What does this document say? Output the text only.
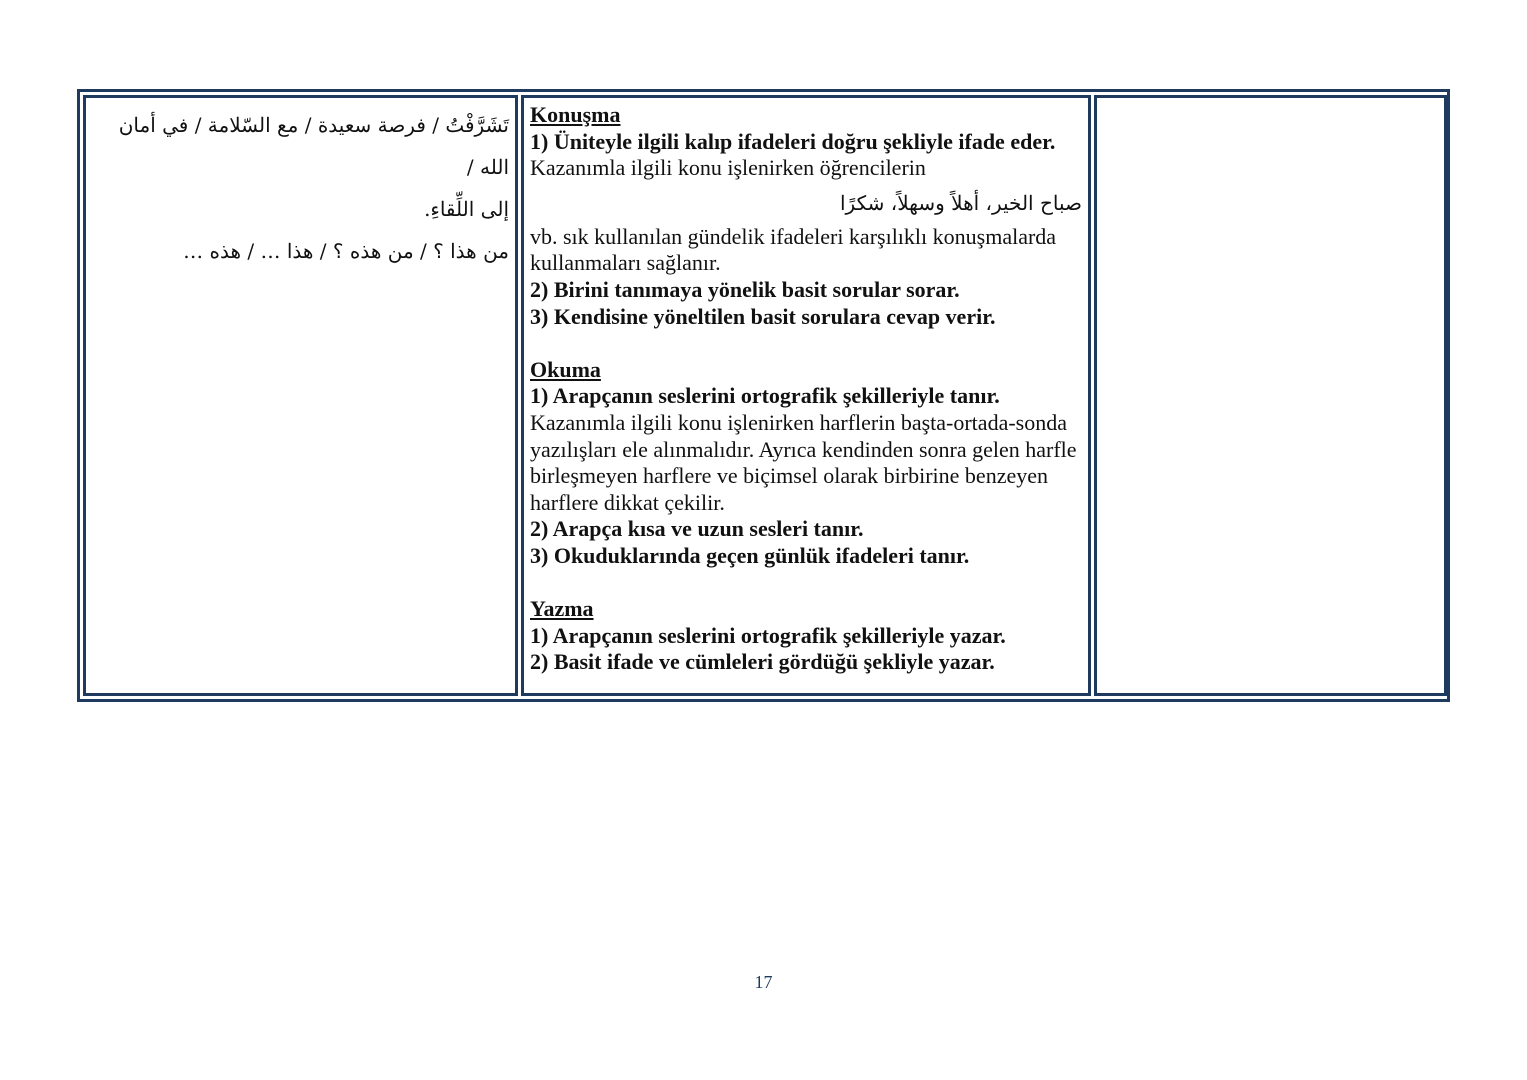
تَشَرَّفْتُ / فرصة سعيدة / مع السّلامة / في أمان الله /

إلى اللِّقاءِ.

من هذا ؟ / من هذه ؟ / هذا … / هذه …

Konuşma

1) Üniteyle ilgili kalıp ifadeleri doğru şekliyle ifade eder.

Kazanımla ilgili konu işlenirken öğrencilerin

صباح الخير، أهلاً وسهلاً، شكرًا

vb. sık kullanılan gündelik ifadeleri karşılıklı konuşmalarda kullanmaları sağlanır.

2) Birini tanımaya yönelik basit sorular sorar.

3) Kendisine yöneltilen basit sorulara cevap verir.

Okuma

1) Arapçanın seslerini ortografik şekilleriyle tanır.

Kazanımla ilgili konu işlenirken harflerin başta-ortada-sonda yazılışları ele alınmalıdır. Ayrıca kendinden sonra gelen harfle birleşmeyen harflere ve biçimsel olarak birbirine benzeyen harflere dikkat çekilir.

2) Arapça kısa ve uzun sesleri tanır.

3) Okuduklarında geçen günlük ifadeleri tanır.

Yazma

1) Arapçanın seslerini ortografik şekilleriyle yazar.

2) Basit ifade ve cümleleri gördüğü şekliyle yazar.

17
